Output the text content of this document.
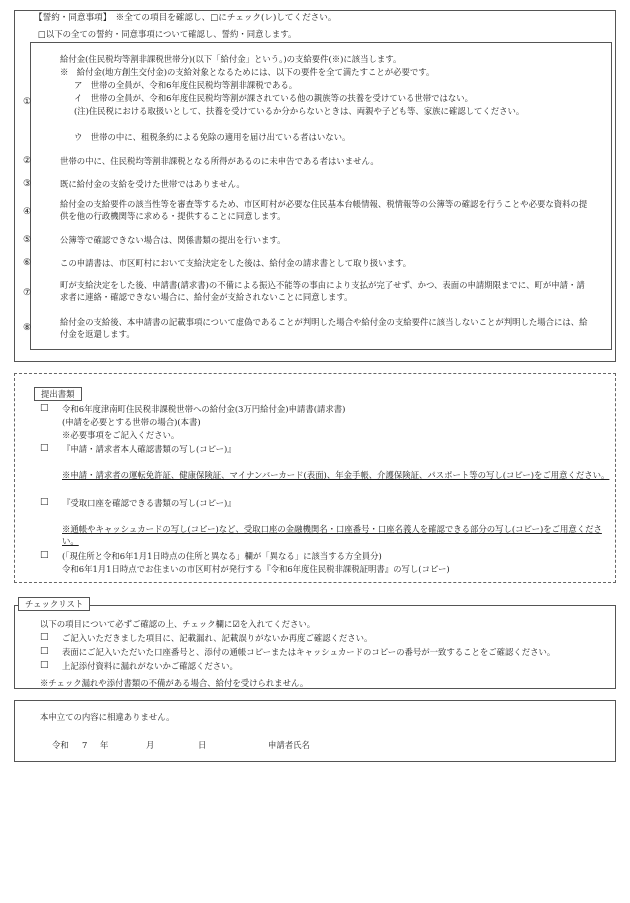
【誓約・同意事項】　※全ての項目を確認し、□にチェック(レ)してください。
□以下の全ての誓約・同意事項について確認し、誓約・同意します。
①
給付金(住民税均等割非課税世帯分)(以下「給付金」という。)の支給要件(※)に該当します。
※　給付金(地方創生交付金)の支給対象となるためには、以下の要件を全て満たすことが必要です。
ア　世帯の全員が、令和6年度住民税均等割非課税である。
イ　世帯の全員が、令和6年度住民税均等割が課されている他の親族等の扶養を受けている世帯ではない。
(注)住民税における取扱いとして、扶養を受けているか分からないときは、両親や子ども等、家族に確認してください。
ウ　世帯の中に、租税条約による免除の適用を届け出ている者はいない。
②	世帯の中に、住民税均等割非課税となる所得があるのに未申告である者はいません。
③	既に給付金の支給を受けた世帯ではありません。
④
給付金の支給要件の該当性等を審査等するため、市区町村が必要な住民基本台帳情報、税情報等の公簿等の確認を行うことや必要な資料の提供を他の行政機関等に求める・提供することに同意します。
⑤	公簿等で確認できない場合は、関係書類の提出を行います。
⑥	この申請書は、市区町村において支給決定をした後は、給付金の請求書として取り扱います。
⑦
町が支給決定をした後、申請書(請求書)の不備による振込不能等の事由により支払が完了せず、かつ、表面の申請期限までに、町が申請・請求者に連絡・確認できない場合に、給付金が支給されないことに同意します。
⑧
給付金の支給後、本申請書の記載事項について虚偽であることが判明した場合や給付金の支給要件に該当しないことが判明した場合には、給付金を返還します。
提出書類
□ 令和6年度津南町住民税非課税世帯への給付金(3万円給付金)申請書(請求書)
(申請を必要とする世帯の場合)(本書)
※必要事項をご記入ください。
□ 『申請・請求者本人確認書類の写し(コピー)』
※申請・請求者の運転免許証、健康保険証、マイナンバーカード(表面)、年金手帳、介護保険証、パスポート等の写し(コピー)をご用意ください。
□ 『受取口座を確認できる書類の写し(コピー)』
※通帳やキャッシュカードの写し(コピー)など、受取口座の金融機関名・口座番号・口座名義人を確認できる部分の写し(コピー)をご用意ください。
□ (「現住所と令和6年1月1日時点の住所と異なる」欄が「異なる」に該当する方全員分)
令和6年1月1日時点でお住まいの市区町村が発行する『令和6年度住民税非課税証明書』の写し(コピー)
チェックリスト
以下の項目について必ずご確認の上、チェック欄に☑を入れてください。
□ ご記入いただきました項目に、記載漏れ、記載誤りがないか再度ご確認ください。
□ 表面にご記入いただいた口座番号と、添付の通帳コピーまたはキャッシュカードのコピーの番号が一致することをご確認ください。
□ 上記添付資料に漏れがないかご確認ください。
※チェック漏れや添付書類の不備がある場合、給付を受けられません。
本申立ての内容に相違ありません。
令和 7 年	月	日	申請者氏名
